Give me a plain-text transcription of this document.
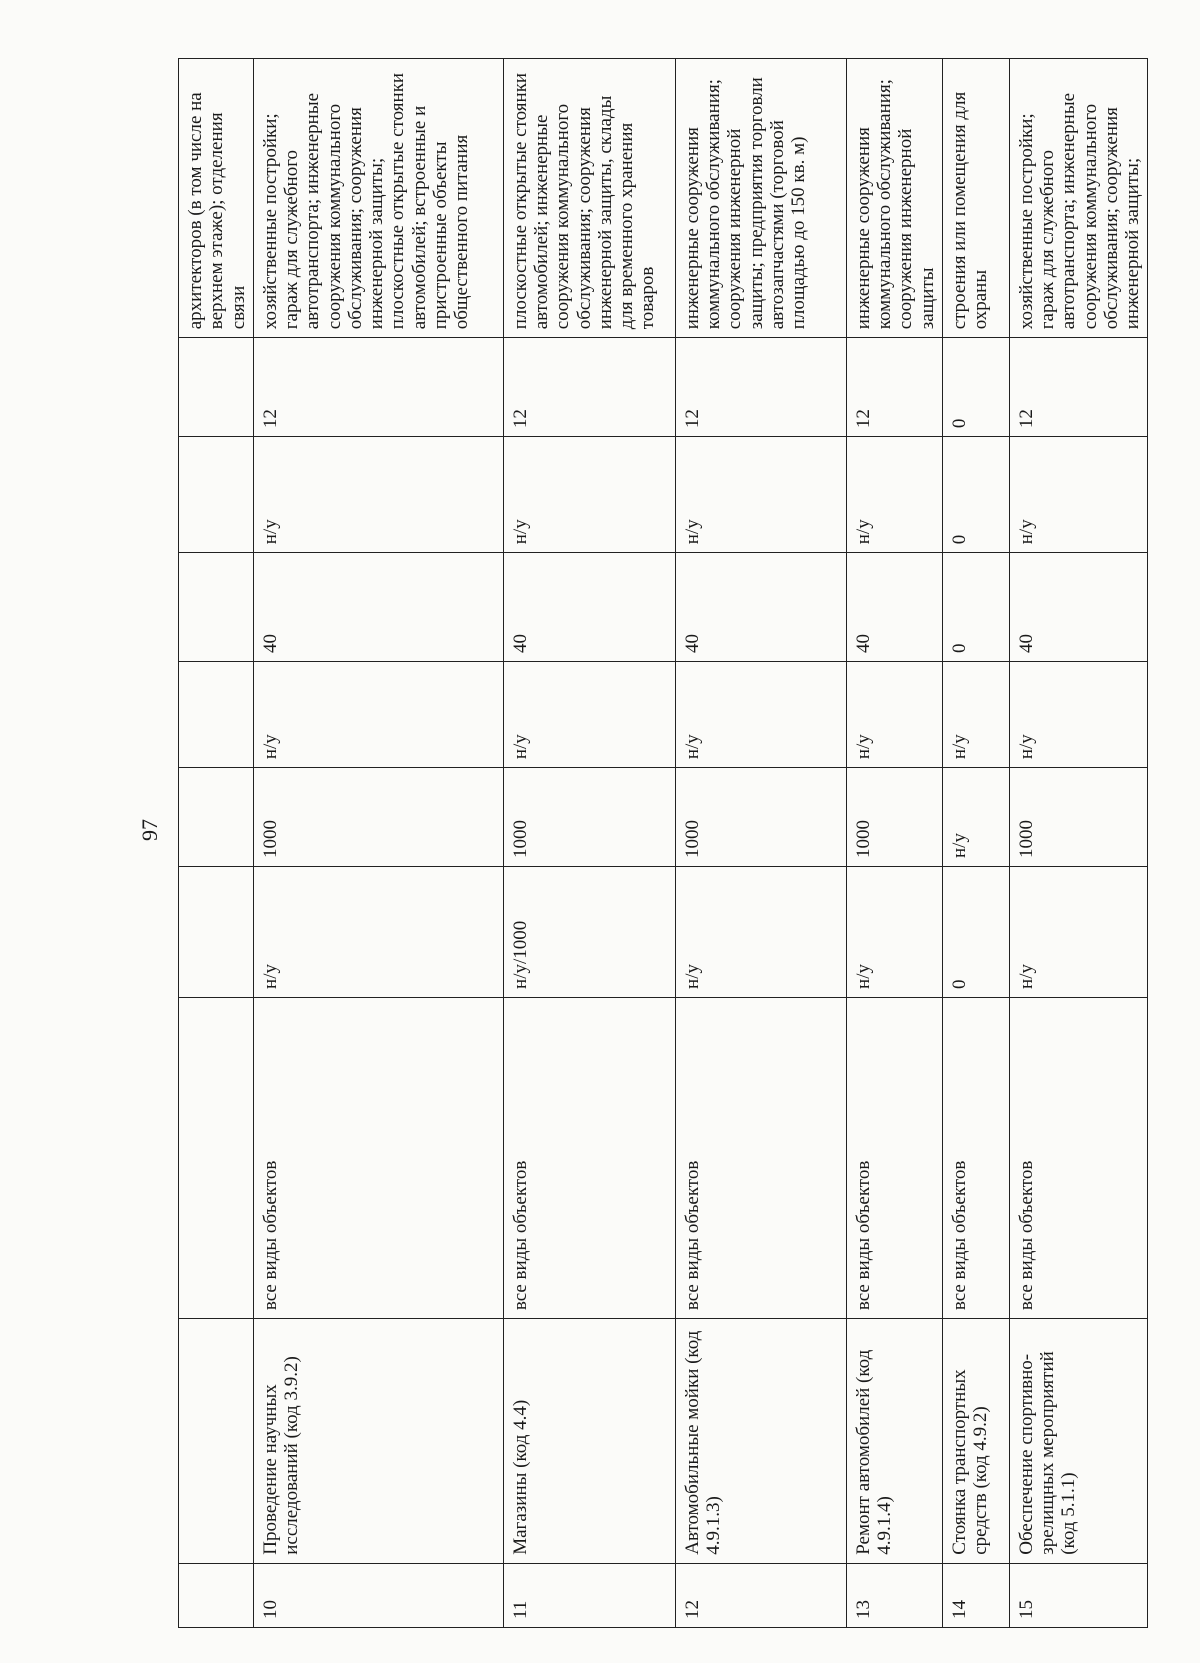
97
									архитекторов (в том числе на верхнем этаже); отделения связи
10	Проведение научных исследований (код 3.9.2)	все виды объектов	н/у	1000	н/у	40	н/у	12	хозяйственные постройки; гараж для служебного автотранспорта; инженерные сооружения коммунального обслуживания; сооружения инженерной защиты; плоскостные открытые стоянки автомобилей; встроенные и пристроенные объекты общественного питания
11	Магазины (код 4.4)	все виды объектов	н/у/1000	1000	н/у	40	н/у	12	плоскостные открытые стоянки автомобилей; инженерные сооружения коммунального обслуживания; сооружения инженерной защиты, склады для временного хранения товаров
12	Автомобильные мойки (код 4.9.1.3)	все виды объектов	н/у	1000	н/у	40	н/у	12	инженерные сооружения коммунального обслуживания; сооружения инженерной защиты; предприятия торговли автозапчастями (торговой площадью до 150 кв. м)
13	Ремонт автомобилей (код 4.9.1.4)	все виды объектов	н/у	1000	н/у	40	н/у	12	инженерные сооружения коммунального обслуживания; сооружения инженерной защиты
14	Стоянка транспортных средств (код 4.9.2)	все виды объектов	0	н/у	н/у	0	0	0	строения или помещения для охраны
15	Обеспечение спортивно-зрелищных мероприятий (код 5.1.1)	все виды объектов	н/у	1000	н/у	40	н/у	12	хозяйственные постройки; гараж для служебного автотранспорта; инженерные сооружения коммунального обслуживания; сооружения инженерной защиты;
